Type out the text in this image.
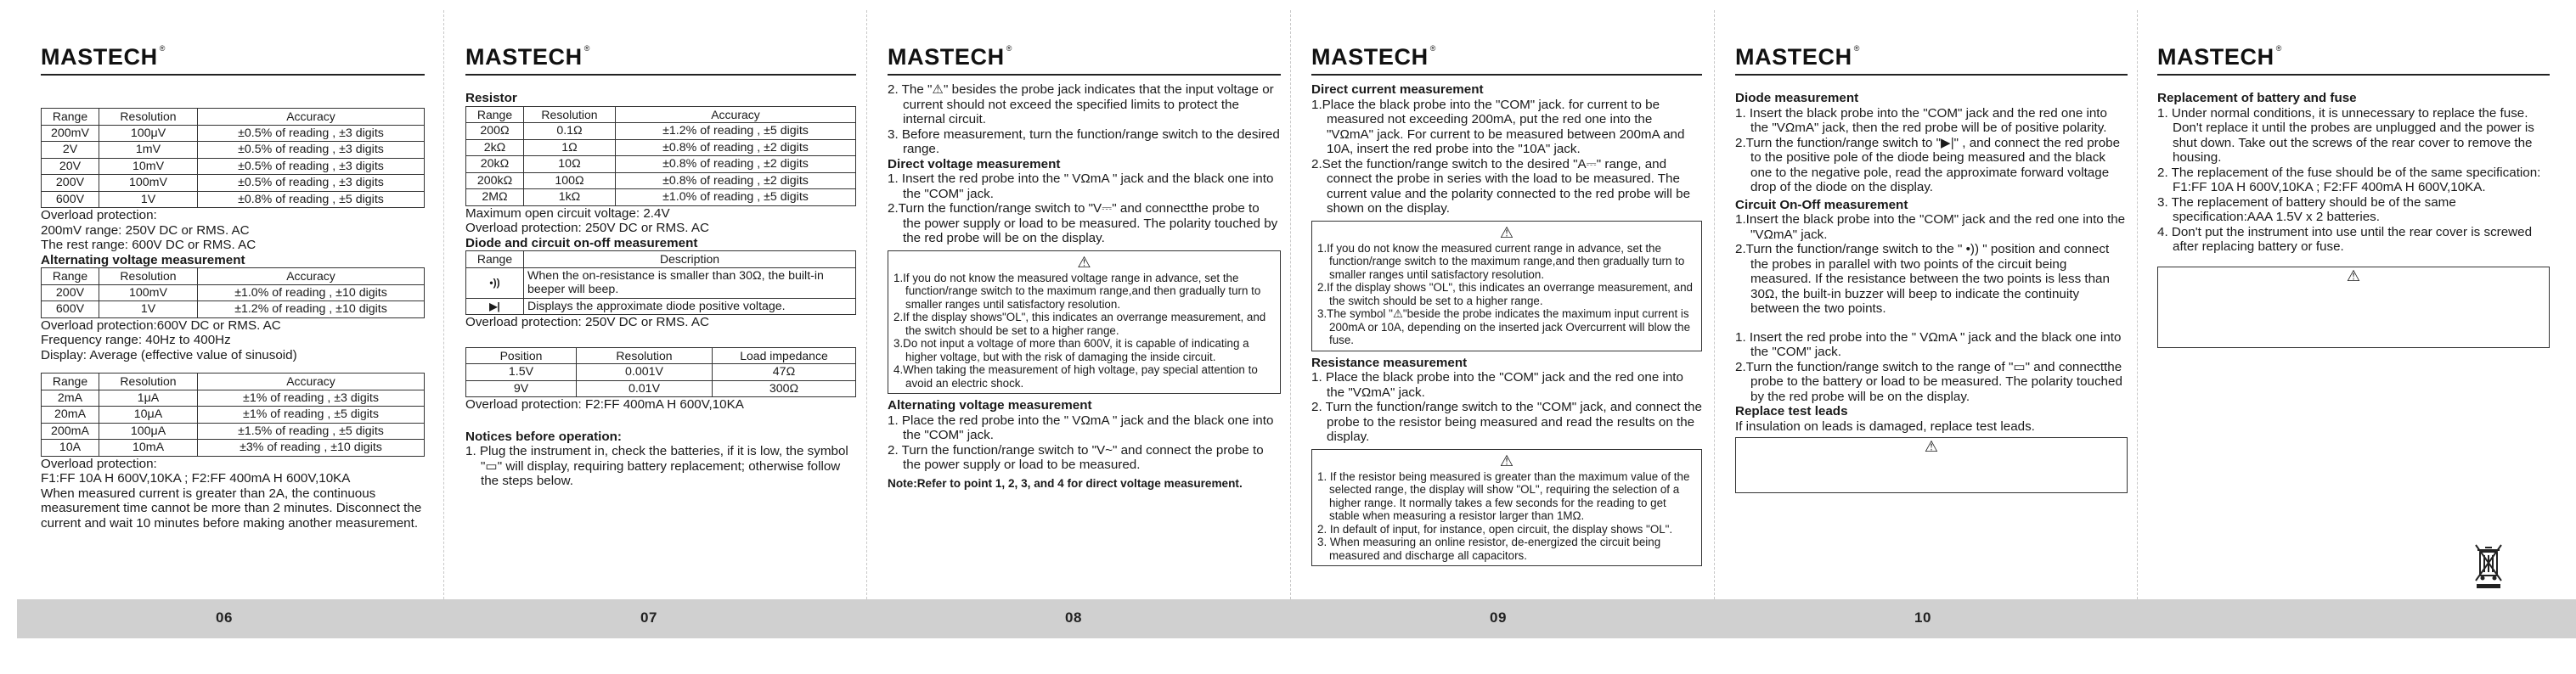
MASTECH®
Range	Resolution	Accuracy
200mV	100μV	±0.5% of reading , ±3 digits
2V	1mV	±0.5% of reading , ±3 digits
20V	10mV	±0.5% of reading , ±3 digits
200V	100mV	±0.5% of reading , ±3 digits
600V	1V	±0.8% of reading , ±5 digits

Overload protection:

200mV range: 250V DC or RMS. AC

The rest range: 600V DC or RMS. AC

Alternating voltage measurement

Range	Resolution	Accuracy
200V	100mV	±1.0% of reading , ±10 digits
600V	1V	±1.2% of reading , ±10 digits

Overload protection:600V DC or RMS. AC

Frequency range: 40Hz to 400Hz

Display: Average (effective value of sinusoid)

Range	Resolution	Accuracy
2mA	1μA	±1% of reading , ±3 digits
20mA	10μA	±1% of reading , ±5 digits
200mA	100μA	±1.5% of reading , ±5 digits
10A	10mA	±3% of reading , ±10 digits

Overload protection:

F1:FF 10A H 600V,10KA ; F2:FF 400mA H 600V,10KA

When measured current is greater than 2A, the continuous measurement time cannot be more than 2 minutes. Disconnect the current and wait 10 minutes before making another measurement.

MASTECH®

Resistor

Range	Resolution	Accuracy
200Ω	0.1Ω	±1.2% of reading , ±5 digits
2kΩ	1Ω	±0.8% of reading , ±2 digits
20kΩ	10Ω	±0.8% of reading , ±2 digits
200kΩ	100Ω	±0.8% of reading , ±2 digits
2MΩ	1kΩ	±1.0% of reading , ±5 digits

Maximum open circuit voltage: 2.4V

Overload protection: 250V DC or RMS. AC

Diode and circuit on-off measurement

Range	Description
•))	When the on-resistance is smaller than 30Ω, the built-in beeper will beep.
▶|	Displays the approximate diode positive voltage.

Overload protection: 250V DC or RMS. AC

Position	Resolution	Load impedance
1.5V	0.001V	47Ω
9V	0.01V	300Ω

Overload protection: F2:FF 400mA H 600V,10KA

Notices before operation:

1. Plug the instrument in, check the batteries, if it is low, the symbol "▭" will display, requiring battery replacement; otherwise follow the steps below.
MASTECH®
2. The "⚠" besides the probe jack indicates that the input voltage or current should not exceed the specified limits to protect the internal circuit.
3. Before measurement, turn the function/range switch to the desired range.

Direct voltage measurement

1. Insert the red probe into the " VΩmA " jack and the black one into the "COM" jack.
2.Turn the function/range switch to "V⎓" and connectthe probe to the power supply or load to be measured. The polarity touched by the red probe will be on the display.
⚠
1.If you do not know the measured voltage range in advance, set the function/range switch to the maximum range,and then gradually turn to smaller ranges until satisfactory resolution.
2.If the display shows"OL", this indicates an overrange measurement, and the switch should be set to a higher range.
3.Do not input a voltage of more than 600V, it is capable of indicating a higher voltage, but with the risk of damaging the inside circuit.
4.When taking the measurement of high voltage, pay special attention to avoid an electric shock.

Alternating voltage measurement

1. Place the red probe into the " VΩmA " jack and the black one into the "COM" jack.
2. Turn the function/range switch to "V~" and connect the probe to the power supply or load to be measured.

Note:Refer to point 1, 2, 3, and 4 for direct voltage measurement.

MASTECH®

Direct current measurement

1.Place the black probe into the "COM" jack. for current to be measured not exceeding 200mA, put the red one into the "VΩmA" jack. For current to be measured between 200mA and 10A, insert the red probe into the "10A" jack.
2.Set the function/range switch to the desired "A⎓" range, and connect the probe in series with the load to be measured. The current value and the polarity connected to the red probe will be shown on the display.
⚠
1.If you do not know the measured current range in advance, set the function/range switch to the maximum range,and then gradually turn to smaller ranges until satisfactory resolution.
2.If the display shows "OL", this indicates an overrange measurement, and the switch should be set to a higher range.
3.The symbol "⚠"beside the probe indicates the maximum input current is 200mA or 10A, depending on the inserted jack Overcurrent will blow the fuse.

Resistance measurement

1. Place the black probe into the "COM" jack and the red one into the "VΩmA" jack.
2. Turn the function/range switch to the "COM" jack, and connect the probe to the resistor being measured and read the results on the display.
⚠
1. If the resistor being measured is greater than the maximum value of the selected range, the display will show "OL", requiring the selection of a higher range. It normally takes a few seconds for the reading to get stable when measuring a resistor larger than 1MΩ.
2. In default of input, for instance, open circuit, the display shows "OL".
3. When measuring an online resistor, de-energized the circuit being measured and discharge all capacitors.
MASTECH®

Diode measurement

1. Insert the black probe into the "COM" jack and the red one into the "VΩmA" jack, then the red probe will be of positive polarity.
2.Turn the function/range switch to "▶|" , and connect the red probe to the positive pole of the diode being measured and the black one to the negative pole, read the approximate forward voltage drop of the diode on the display.

Circuit On-Off measurement

1.Insert the black probe into the "COM" jack and the red one into the "VΩmA" jack.
2.Turn the function/range switch to the " •)) " position and connect the probes in parallel with two points of the circuit being measured. If the resistance between the two points is less than 30Ω, the built-in buzzer will beep to indicate the continuity between the two points.
1. Insert the red probe into the " VΩmA " jack and the black one into the "COM" jack.
2.Turn the function/range switch to the range of "▭" and connectthe probe to the battery or load to be measured. The polarity touched by the red probe will be on the display.

Replace test leads

If insulation on leads is damaged, replace test leads.

⚠
MASTECH®

Replacement of battery and fuse

1. Under normal conditions, it is unnecessary to replace the fuse. Don't replace it until the probes are unplugged and the power is shut down. Take out the screws of the rear cover to remove the housing.
2. The replacement of the fuse should be of the same specification: F1:FF 10A H 600V,10KA ; F2:FF 400mA H 600V,10KA.
3. The replacement of battery should be of the same specification:AAA 1.5V x 2 batteries.
4. Don't put the instrument into use until the rear cover is screwed after replacing battery or fuse.
⚠
06	07	08	09	10
